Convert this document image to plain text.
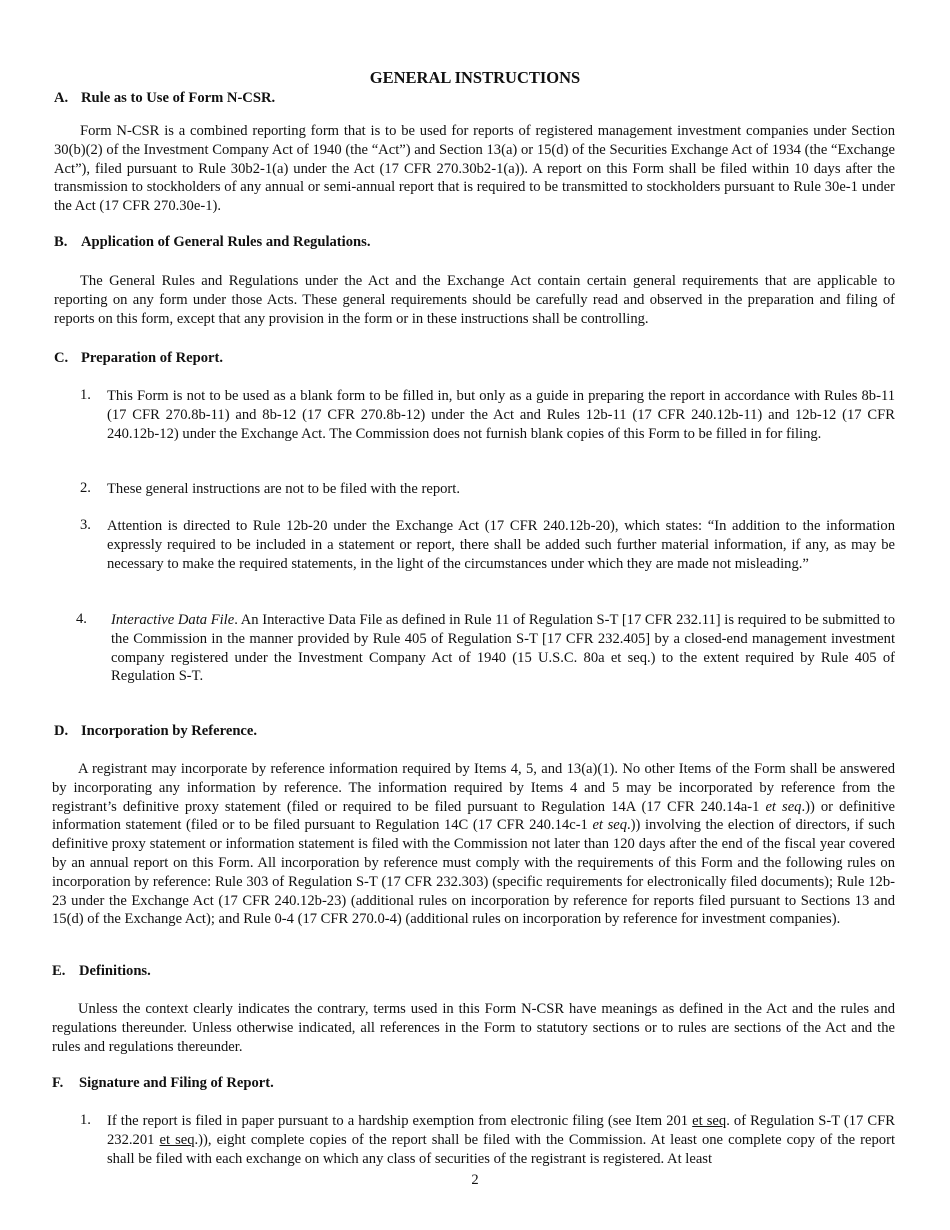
GENERAL INSTRUCTIONS
A. Rule as to Use of Form N-CSR.

Form N-CSR is a combined reporting form that is to be used for reports of registered management investment companies under Section 30(b)(2) of the Investment Company Act of 1940 (the “Act”) and Section 13(a) or 15(d) of the Securities Exchange Act of 1934 (the “Exchange Act”), filed pursuant to Rule 30b2-1(a) under the Act (17 CFR 270.30b2-1(a)). A report on this Form shall be filed within 10 days after the transmission to stockholders of any annual or semi-annual report that is required to be transmitted to stockholders pursuant to Rule 30e-1 under the Act (17 CFR 270.30e-1).

B. Application of General Rules and Regulations.

The General Rules and Regulations under the Act and the Exchange Act contain certain general requirements that are applicable to reporting on any form under those Acts. These general requirements should be carefully read and observed in the preparation and filing of reports on this form, except that any provision in the form or in these instructions shall be controlling.

C. Preparation of Report.
1.	This Form is not to be used as a blank form to be filled in, but only as a guide in preparing the report in accordance with Rules 8b-11 (17 CFR 270.8b-11) and 8b-12 (17 CFR 270.8b-12) under the Act and Rules 12b-11 (17 CFR 240.12b-11) and 12b-12 (17 CFR 240.12b-12) under the Exchange Act. The Commission does not furnish blank copies of this Form to be filled in for filing.

2.	These general instructions are not to be filed with the report.

3.	Attention is directed to Rule 12b-20 under the Exchange Act (17 CFR 240.12b-20), which states: “In addition to the information expressly required to be included in a statement or report, there shall be added such further material information, if any, as may be necessary to make the required statements, in the light of the circumstances under which they are made not misleading.”

4.	Interactive Data File. An Interactive Data File as defined in Rule 11 of Regulation S-T [17 CFR 232.11] is required to be submitted to the Commission in the manner provided by Rule 405 of Regulation S-T [17 CFR 232.405] by a closed-end management investment company registered under the Investment Company Act of 1940 (15 U.S.C. 80a et seq.) to the extent required by Rule 405 of Regulation S-T.

D. Incorporation by Reference.

A registrant may incorporate by reference information required by Items 4, 5, and 13(a)(1). No other Items of the Form shall be answered by incorporating any information by reference. The information required by Items 4 and 5 may be incorporated by reference from the registrant’s definitive proxy statement (filed or required to be filed pursuant to Regulation 14A (17 CFR 240.14a-1 et seq.)) or definitive information statement (filed or to be filed pursuant to Regulation 14C (17 CFR 240.14c-1 et seq.)) involving the election of directors, if such definitive proxy statement or information statement is filed with the Commission not later than 120 days after the end of the fiscal year covered by an annual report on this Form. All incorporation by reference must comply with the requirements of this Form and the following rules on incorporation by reference: Rule 303 of Regulation S-T (17 CFR 232.303) (specific requirements for electronically filed documents); Rule 12b-23 under the Exchange Act (17 CFR 240.12b-23) (additional rules on incorporation by reference for reports filed pursuant to Sections 13 and 15(d) of the Exchange Act); and Rule 0-4 (17 CFR 270.0-4) (additional rules on incorporation by reference for investment companies).

E. Definitions.

Unless the context clearly indicates the contrary, terms used in this Form N-CSR have meanings as defined in the Act and the rules and regulations thereunder. Unless otherwise indicated, all references in the Form to statutory sections or to rules are sections of the Act and the rules and regulations thereunder.

F. Signature and Filing of Report.
1.	If the report is filed in paper pursuant to a hardship exemption from electronic filing (see Item 201 et seq. of Regulation S-T (17 CFR 232.201 et seq.)), eight complete copies of the report shall be filed with the Commission. At least one complete copy of the report shall be filed with each exchange on which any class of securities of the registrant is registered. At least

2
